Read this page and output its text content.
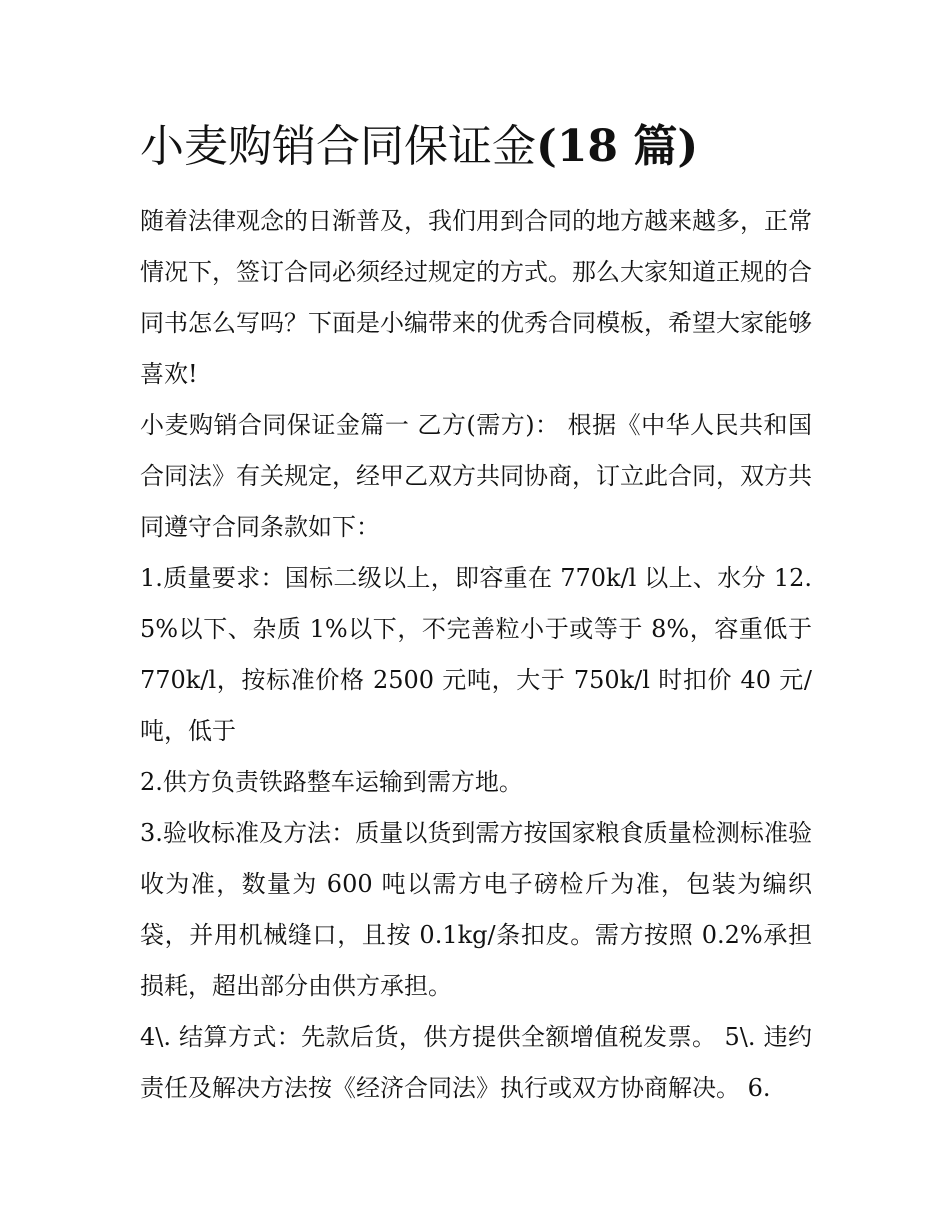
小麦购销合同保证金(18 篇)

随着法律观念的日渐普及，我们用到合同的地方越来越多，正常情况下，签订合同必须经过规定的方式。那么大家知道正规的合同书怎么写吗？下面是小编带来的优秀合同模板，希望大家能够喜欢!

小麦购销合同保证金篇一 乙方(需方)： 根据《中华人民共和国合同法》有关规定，经甲乙双方共同协商，订立此合同，双方共同遵守合同条款如下：

1.质量要求：国标二级以上，即容重在 770k/l 以上、水分 12.5%以下、杂质 1%以下，不完善粒小于或等于 8%，容重低于 770k/l，按标准价格 2500 元吨，大于 750k/l 时扣价 40 元/吨，低于

2.供方负责铁路整车运输到需方地。

3.验收标准及方法：质量以货到需方按国家粮食质量检测标准验收为准，数量为 600 吨以需方电子磅检斤为准，包装为编织袋，并用机械缝口，且按 0.1kg/条扣皮。需方按照 0.2%承担损耗，超出部分由供方承担。

4\. 结算方式：先款后货，供方提供全额增值税发票。 5\. 违约责任及解决方法按《经济合同法》执行或双方协商解决。 6.
